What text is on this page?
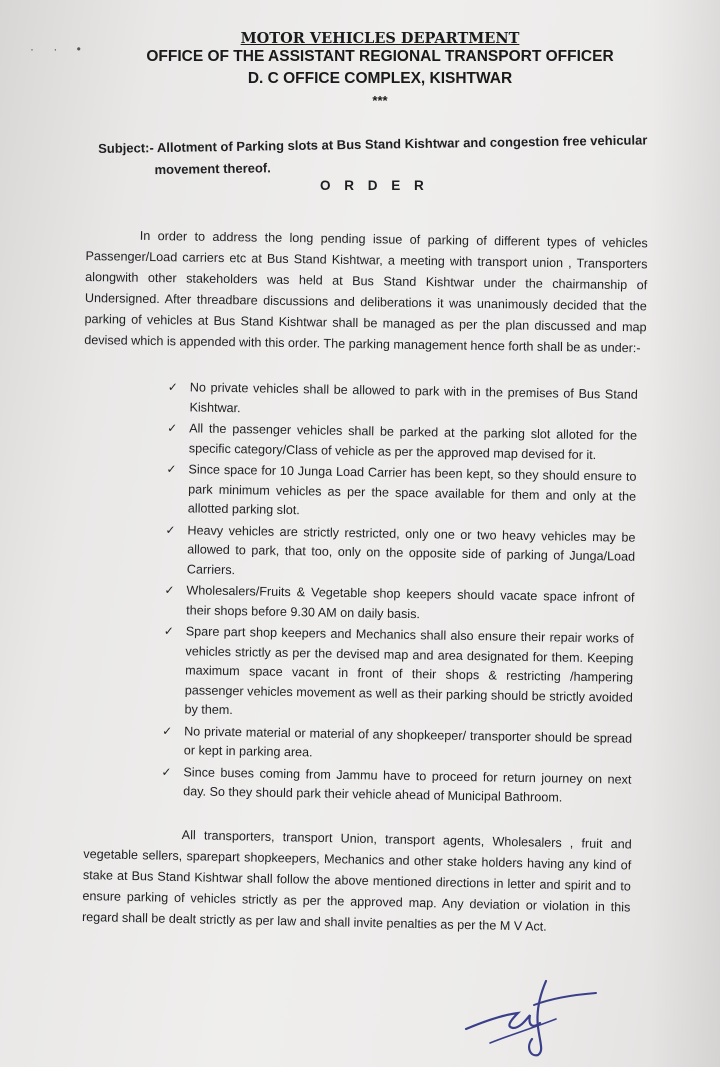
· · •
MOTOR VEHICLES DEPARTMENT
OFFICE OF THE ASSISTANT REGIONAL TRANSPORT OFFICER
D. C OFFICE COMPLEX, KISHTWAR
***
Subject:- Allotment of Parking slots at Bus Stand Kishtwar and congestion free vehicular
movement thereof.
O R D E R
In order to address the long pending issue of parking of different types of vehicles Passenger/Load carriers etc at Bus Stand Kishtwar, a meeting with transport union , Transporters alongwith other stakeholders was held at Bus Stand Kishtwar under the chairmanship of Undersigned. After threadbare discussions and deliberations it was unanimously decided that the parking of vehicles at Bus Stand Kishtwar shall be managed as per the plan discussed and map devised which is appended with this order. The parking management hence forth shall be as under:-
✓ No private vehicles shall be allowed to park with in the premises of Bus Stand Kishtwar.
✓ All the passenger vehicles shall be parked at the parking slot alloted for the specific category/Class of vehicle as per the approved map devised for it.
✓ Since space for 10 Junga Load Carrier has been kept, so they should ensure to park minimum vehicles as per the space available for them and only at the allotted parking slot.
✓ Heavy vehicles are strictly restricted, only one or two heavy vehicles may be allowed to park, that too, only on the opposite side of parking of Junga/Load Carriers.
✓ Wholesalers/Fruits & Vegetable shop keepers should vacate space infront of their shops before 9.30 AM on daily basis.
✓ Spare part shop keepers and Mechanics shall also ensure their repair works of vehicles strictly as per the devised map and area designated for them. Keeping maximum space vacant in front of their shops & restricting /hampering passenger vehicles movement as well as their parking should be strictly avoided by them.
✓ No private material or material of any shopkeeper/ transporter should be spread or kept in parking area.
✓ Since buses coming from Jammu have to proceed for return journey on next day. So they should park their vehicle ahead of Municipal Bathroom.
All transporters, transport Union, transport agents, Wholesalers , fruit and vegetable sellers, sparepart shopkeepers, Mechanics and other stake holders having any kind of stake at Bus Stand Kishtwar shall follow the above mentioned directions in letter and spirit and to ensure parking of vehicles strictly as per the approved map. Any deviation or violation in this regard shall be dealt strictly as per law and shall invite penalties as per the M V Act.
